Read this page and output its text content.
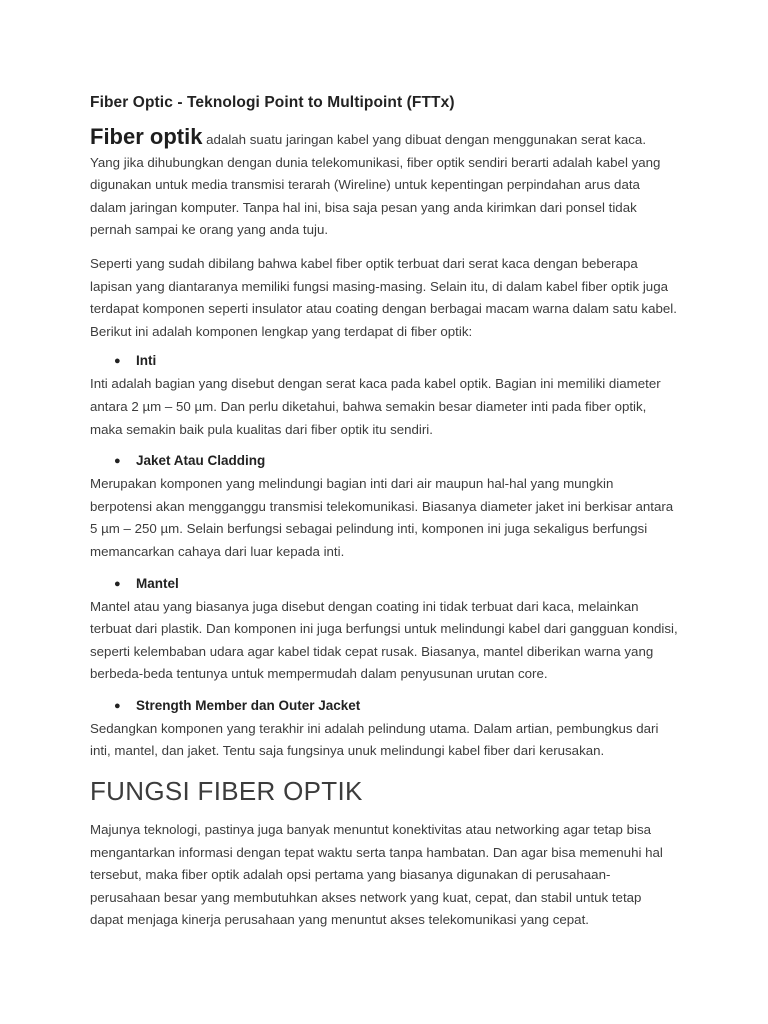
Fiber Optic - Teknologi Point to Multipoint (FTTx)

Fiber optik adalah suatu jaringan kabel yang dibuat dengan menggunakan serat kaca. Yang jika dihubungkan dengan dunia telekomunikasi, fiber optik sendiri berarti adalah kabel yang digunakan untuk media transmisi terarah (Wireline) untuk kepentingan perpindahan arus data dalam jaringan komputer. Tanpa hal ini, bisa saja pesan yang anda kirimkan dari ponsel tidak pernah sampai ke orang yang anda tuju.

Seperti yang sudah dibilang bahwa kabel fiber optik terbuat dari serat kaca dengan beberapa lapisan yang diantaranya memiliki fungsi masing-masing. Selain itu, di dalam kabel fiber optik juga terdapat komponen seperti insulator atau coating dengan berbagai macam warna dalam satu kabel. Berikut ini adalah komponen lengkap yang terdapat di fiber optik:

● Inti

Inti adalah bagian yang disebut dengan serat kaca pada kabel optik. Bagian ini memiliki diameter antara 2 µm – 50 µm. Dan perlu diketahui, bahwa semakin besar diameter inti pada fiber optik, maka semakin baik pula kualitas dari fiber optik itu sendiri.

● Jaket Atau Cladding

Merupakan komponen yang melindungi bagian inti dari air maupun hal-hal yang mungkin berpotensi akan mengganggu transmisi telekomunikasi. Biasanya diameter jaket ini berkisar antara 5 µm – 250 µm. Selain berfungsi sebagai pelindung inti, komponen ini juga sekaligus berfungsi memancarkan cahaya dari luar kepada inti.

● Mantel

Mantel atau yang biasanya juga disebut dengan coating ini tidak terbuat dari kaca, melainkan terbuat dari plastik. Dan komponen ini juga berfungsi untuk melindungi kabel dari gangguan kondisi, seperti kelembaban udara agar kabel tidak cepat rusak. Biasanya, mantel diberikan warna yang berbeda-beda tentunya untuk mempermudah dalam penyusunan urutan core.

● Strength Member dan Outer Jacket

Sedangkan komponen yang terakhir ini adalah pelindung utama. Dalam artian, pembungkus dari inti, mantel, dan jaket. Tentu saja fungsinya unuk melindungi kabel fiber dari kerusakan.

FUNGSI FIBER OPTIK

Majunya teknologi, pastinya juga banyak menuntut konektivitas atau networking agar tetap bisa mengantarkan informasi dengan tepat waktu serta tanpa hambatan. Dan agar bisa memenuhi hal tersebut, maka fiber optik adalah opsi pertama yang biasanya digunakan di perusahaan-perusahaan besar yang membutuhkan akses network yang kuat, cepat, dan stabil untuk tetap dapat menjaga kinerja perusahaan yang menuntut akses telekomunikasi yang cepat.
